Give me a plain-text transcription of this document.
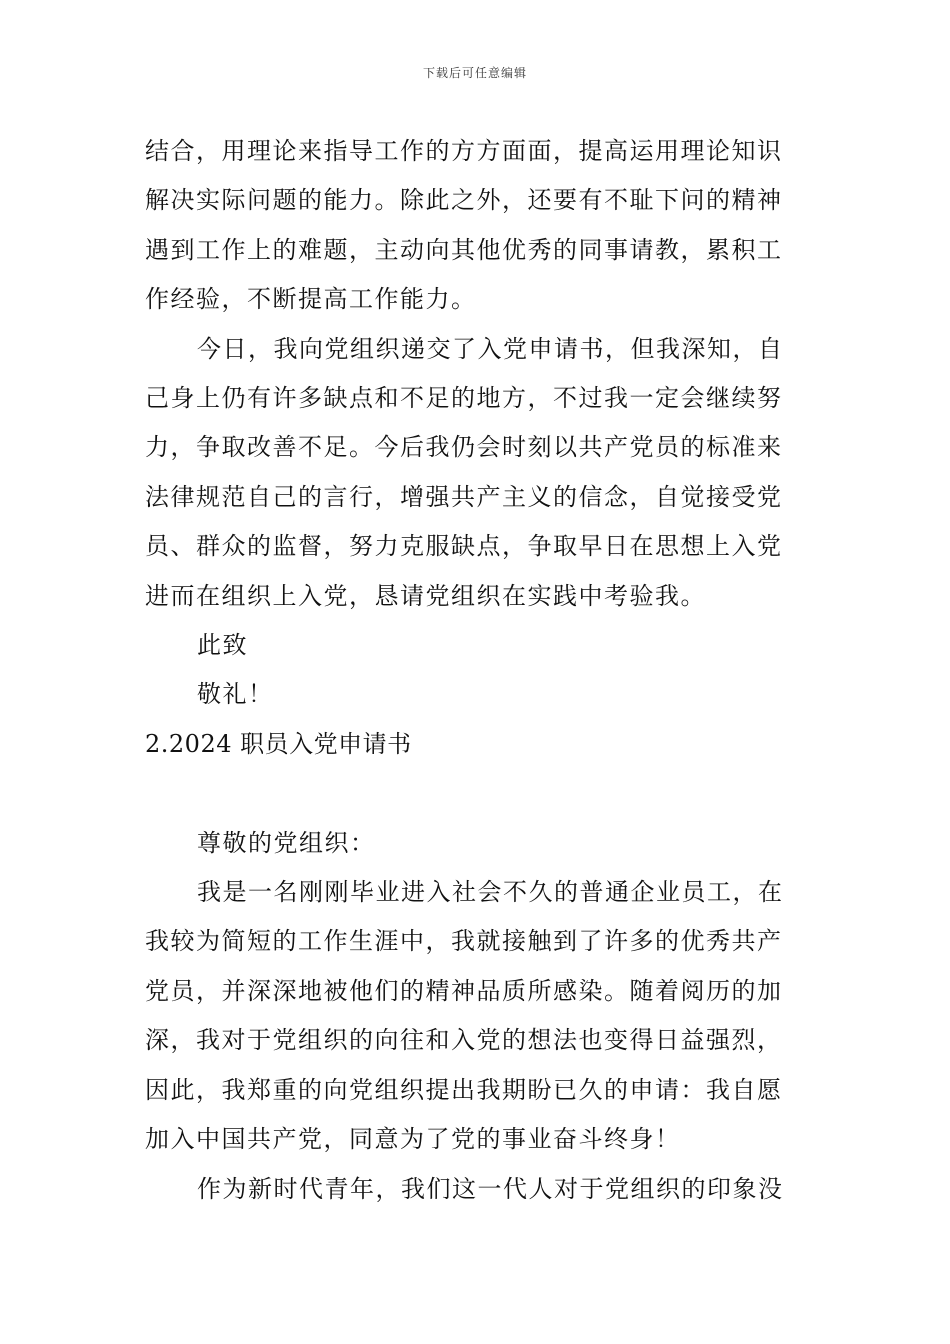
下载后可任意编辑
结合，用理论来指导工作的方方面面，提高运用理论知识
解决实际问题的能力。除此之外，还要有不耻下问的精神
遇到工作上的难题，主动向其他优秀的同事请教，累积工
作经验，不断提高工作能力。
今日，我向党组织递交了入党申请书，但我深知，自
己身上仍有许多缺点和不足的地方，不过我一定会继续努
力，争取改善不足。今后我仍会时刻以共产党员的标准来
法律规范自己的言行，增强共产主义的信念，自觉接受党
员、群众的监督，努力克服缺点，争取早日在思想上入党
进而在组织上入党，恳请党组织在实践中考验我。
此致
敬礼！
2.2024 职员入党申请书
尊敬的党组织：
我是一名刚刚毕业进入社会不久的普通企业员工，在
我较为简短的工作生涯中，我就接触到了许多的优秀共产
党员，并深深地被他们的精神品质所感染。随着阅历的加
深，我对于党组织的向往和入党的想法也变得日益强烈，
因此，我郑重的向党组织提出我期盼已久的申请：我自愿
加入中国共产党，同意为了党的事业奋斗终身！
作为新时代青年，我们这一代人对于党组织的印象没
